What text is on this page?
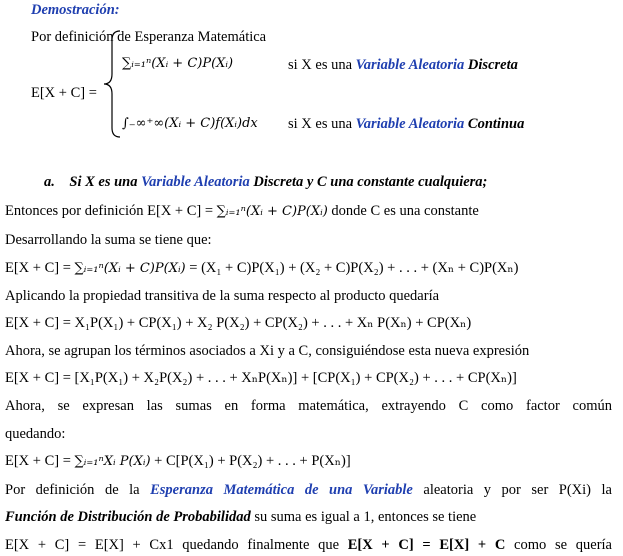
Demostración:
Por definición de Esperanza Matemática
E[X + C] =
∑ᵢ₌₁ⁿ(Xᵢ + C)P(Xᵢ)	si X es una Variable Aleatoria Discreta
∫₋∞⁺∞(Xᵢ + C)f(Xᵢ)dx si X es una Variable Aleatoria Continua
a. Si X es una Variable Aleatoria Discreta y C una constante cualquiera;
Entonces por definición E[X + C] = ∑ᵢ₌₁ⁿ(Xᵢ + C)P(Xᵢ) donde C es una constante
Desarrollando la suma se tiene que:
E[X + C] = ∑ᵢ₌₁ⁿ(Xᵢ + C)P(Xᵢ) = (X₁ + C)P(X₁) + (X₂ + C)P(X₂) + . . . + (Xₙ + C)P(Xₙ)
Aplicando la propiedad transitiva de la suma respecto al producto quedaría
E[X + C] = X₁P(X₁) + CP(X₁) + X₂ P(X₂) + CP(X₂) + . . . + Xₙ P(Xₙ) + CP(Xₙ)
Ahora, se agrupan los términos asociados a Xi y a C, consiguiéndose esta nueva expresión
E[X + C] = [X₁P(X₁) + X₂P(X₂) + . . . + XₙP(Xₙ)] + [CP(X₁) + CP(X₂) + . . . + CP(Xₙ)]
Ahora, se expresan las sumas en forma matemática, extrayendo C como factor común
quedando:
E[X + C] = ∑ᵢ₌₁ⁿXᵢ P(Xᵢ) + C[P(X₁) + P(X₂) + . . . + P(Xₙ)]
Por definición de la Esperanza Matemática de una Variable aleatoria y por ser P(Xi) la
Función de Distribución de Probabilidad su suma es igual a 1, entonces se tiene
E[X + C] = E[X] + Cx1 quedando finalmente que E[X + C] = E[X] + C como se quería
